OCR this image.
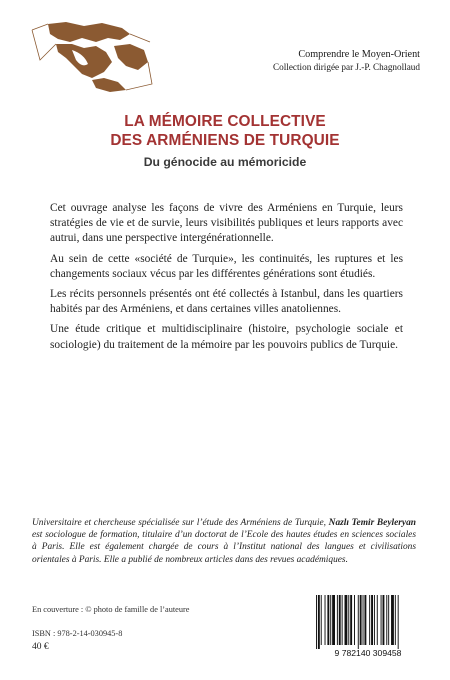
Comprendre le Moyen-Orient
Collection dirigée par J.-P. Chagnollaud
LA MÉMOIRE COLLECTIVE
DES ARMÉNIENS DE TURQUIE
Du génocide au mémoricide

Cet ouvrage analyse les façons de vivre des Arméniens en Turquie, leurs stratégies de vie et de survie, leurs visibilités publiques et leurs rapports avec autrui, dans une perspective intergénérationnelle.

Au sein de cette «société de Turquie», les continuités, les ruptures et les changements sociaux vécus par les différentes générations sont étudiés.

Les récits personnels présentés ont été collectés à Istanbul, dans les quartiers habités par des Arméniens, et dans certaines villes anatoliennes.

Une étude critique et multidisciplinaire (histoire, psychologie sociale et sociologie) du traitement de la mémoire par les pouvoirs publics de Turquie.

Universitaire et chercheuse spécialisée sur l’étude des Arméniens de Turquie, Nazlı Temir Beyleryan est sociologue de formation, titulaire d’un doctorat de l’Ecole des hautes études en sciences sociales à Paris. Elle est également chargée de cours à l’Institut national des langues et civilisations orientales à Paris. Elle a publié de nombreux articles dans des revues académiques.

En couverture : © photo de famille de l’auteure
ISBN : 978-2-14-030945-8
40 €
9 782140 309458
